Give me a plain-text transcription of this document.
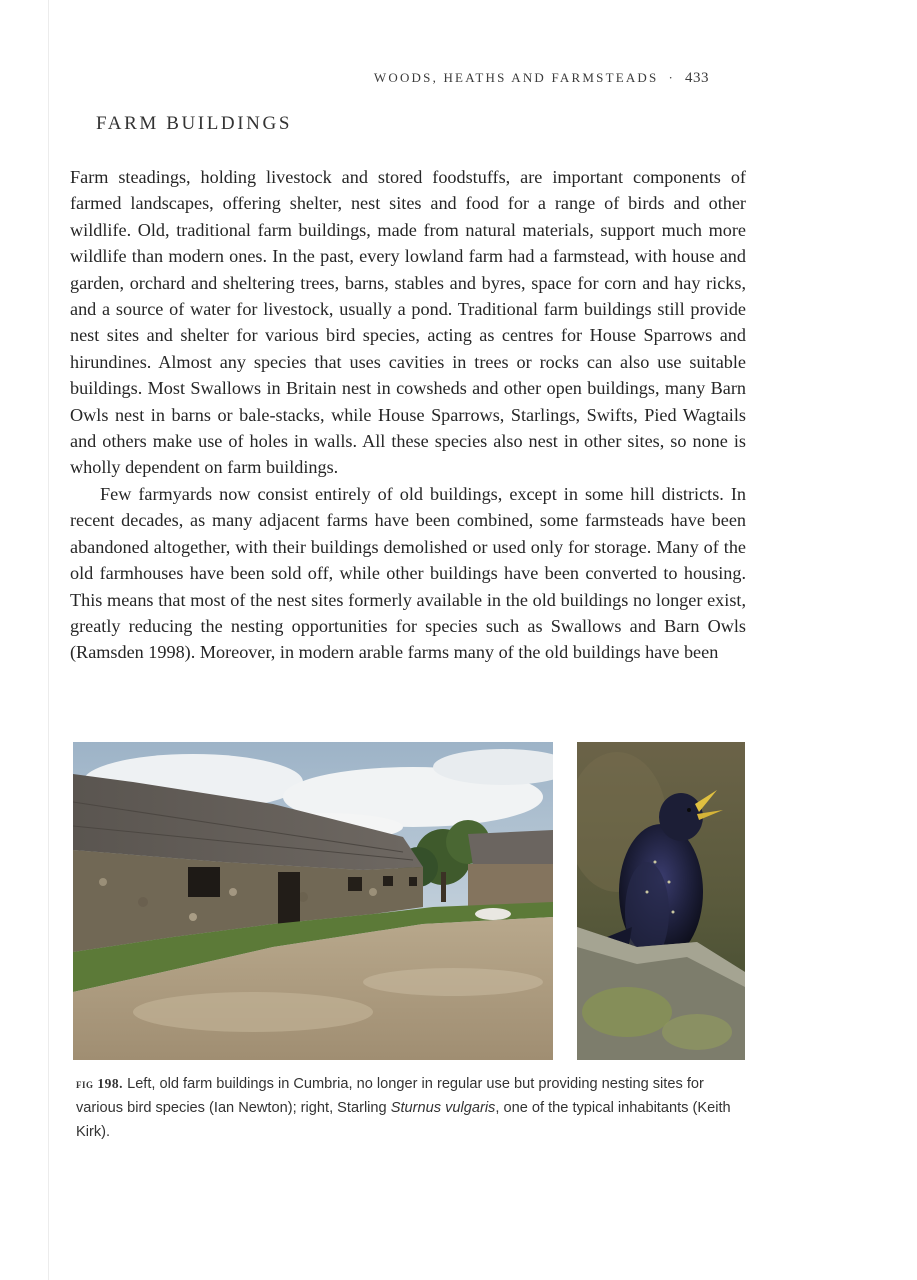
WOODS, HEATHS AND FARMSTEADS · 433
FARM BUILDINGS

Farm steadings, holding livestock and stored foodstuffs, are important components of farmed landscapes, offering shelter, nest sites and food for a range of birds and other wildlife. Old, traditional farm buildings, made from natural materials, support much more wildlife than modern ones. In the past, every lowland farm had a farmstead, with house and garden, orchard and sheltering trees, barns, stables and byres, space for corn and hay ricks, and a source of water for livestock, usually a pond. Traditional farm buildings still provide nest sites and shelter for various bird species, acting as centres for House Sparrows and hirundines. Almost any species that uses cavities in trees or rocks can also use suitable buildings. Most Swallows in Britain nest in cowsheds and other open buildings, many Barn Owls nest in barns or bale-stacks, while House Sparrows, Starlings, Swifts, Pied Wagtails and others make use of holes in walls. All these species also nest in other sites, so none is wholly dependent on farm buildings.

Few farmyards now consist entirely of old buildings, except in some hill districts. In recent decades, as many adjacent farms have been combined, some farmsteads have been abandoned altogether, with their buildings demolished or used only for storage. Many of the old farmhouses have been sold off, while other buildings have been converted to housing. This means that most of the nest sites formerly available in the old buildings no longer exist, greatly reducing the nesting opportunities for species such as Swallows and Barn Owls (Ramsden 1998). Moreover, in modern arable farms many of the old buildings have been

fig 198. Left, old farm buildings in Cumbria, no longer in regular use but providing nesting sites for various bird species (Ian Newton); right, Starling Sturnus vulgaris, one of the typical inhabitants (Keith Kirk).
